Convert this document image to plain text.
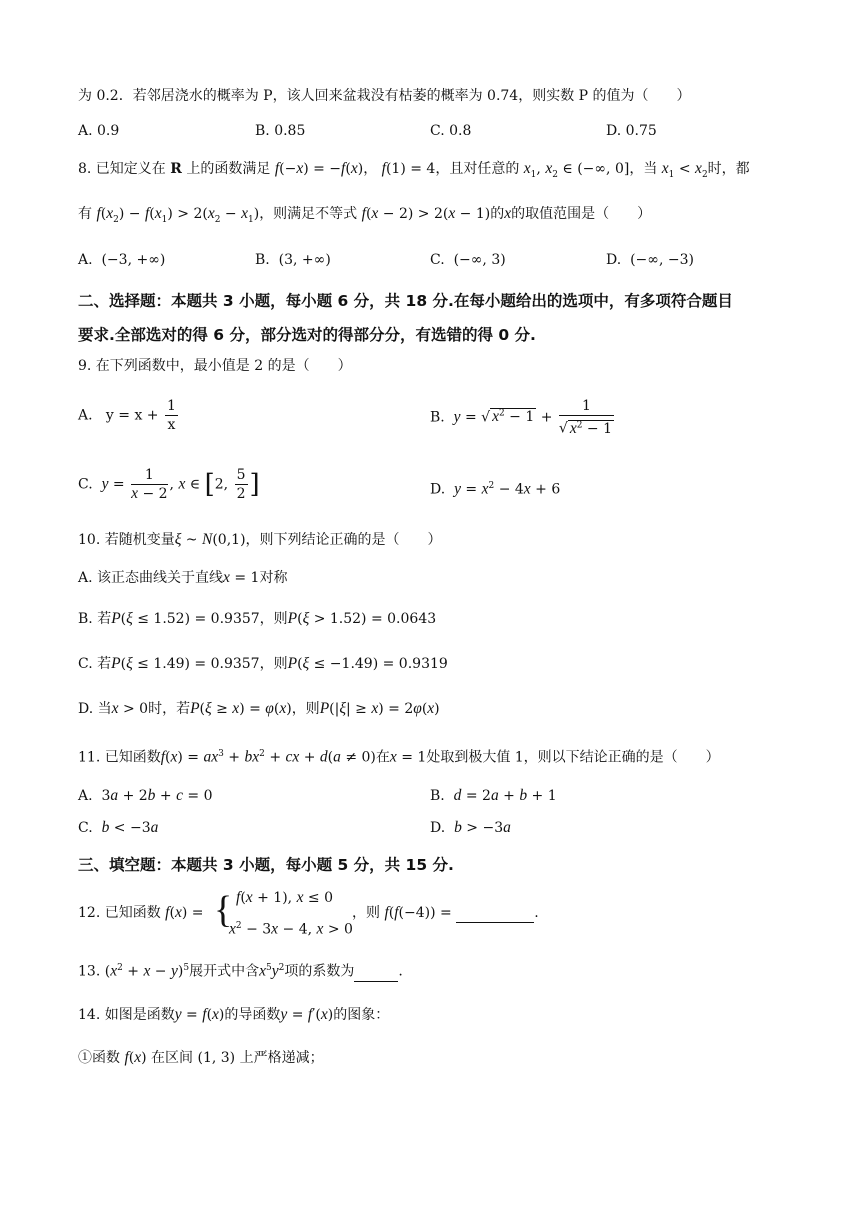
为 0.2．若邻居浇水的概率为 P，该人回来盆栽没有枯萎的概率为 0.74，则实数 P 的值为（　　）
A. 0.9	B. 0.85	C. 0.8	D. 0.75
8. 已知定义在 R 上的函数满足 f(−x) = −f(x)， f(1) = 4，且对任意的 $x_1$, $x_2$ ∈ (−∞, 0]，当 $x_1 < x_2$时，都
有 $f(x_2) - f(x_1) > 2(x_2 - x_1)$，则满足不等式 f(x − 2) > 2(x − 1)的x的取值范围是（　　）
A.  (−3, +∞)	B.  (3, +∞)	C.  (−∞, 3)	D.  (−∞, −3)
二、选择题：本题共 3 小题，每小题 6 分，共 18 分.在每小题给出的选项中，有多项符合题目
要求.全部选对的得 6 分，部分选对的得部分分，有选错的得 0 分.
9. 在下列函数中，最小值是 2 的是（　　）
A.   $y = x + \frac{1}{x}$	B. y = √ $x^2 - 1 + \frac{1}{√ x^2 - 1}$
C. $y = \frac{1}{x - 2}$ , x ∈ [2, $\frac{5}{2}$ ]	D. $y = x^2 - 4x + 6$
10. 若随机变量ξ ~ N(0,1)，则下列结论正确的是（　　）
A. 该正态曲线关于直线x = 1对称
B. 若P(ξ ≤ 1.52) = 0.9357，则P(ξ > 1.52) = 0.0643
C. 若P(ξ ≤ 1.49) = 0.9357，则P(ξ ≤ −1.49) = 0.9319
D. 当x > 0时，若P(ξ ≥ x) = φ(x)，则P(|ξ| ≥ x) = 2φ(x)
11. 已知函数$f(x) = ax^3 + bx^2$ + cx + d(a ≠ 0)在x = 1处取到极大值 1，则以下结论正确的是（　　）
A.  3a + 2b + c = 0	B. d = 2a + b + 1
C. b < −3a	D. b > −3a
三、填空题：本题共 3 小题，每小题 5 分，共 15 分.
12. 已知函数 f(x) = { f(x + 1), x ≤ 0
$x^2 - 3x - 4$, x > 0
，则 f(f(−4)) =	.
13. $(x^2 + x - y)^5$展开式中含$x^5y^2$项的系数为	.
14. 如图是函数y = f(x)的导函数y = f′(x)的图象：
①函数 f(x) 在区间 (1, 3) 上严格递减；
